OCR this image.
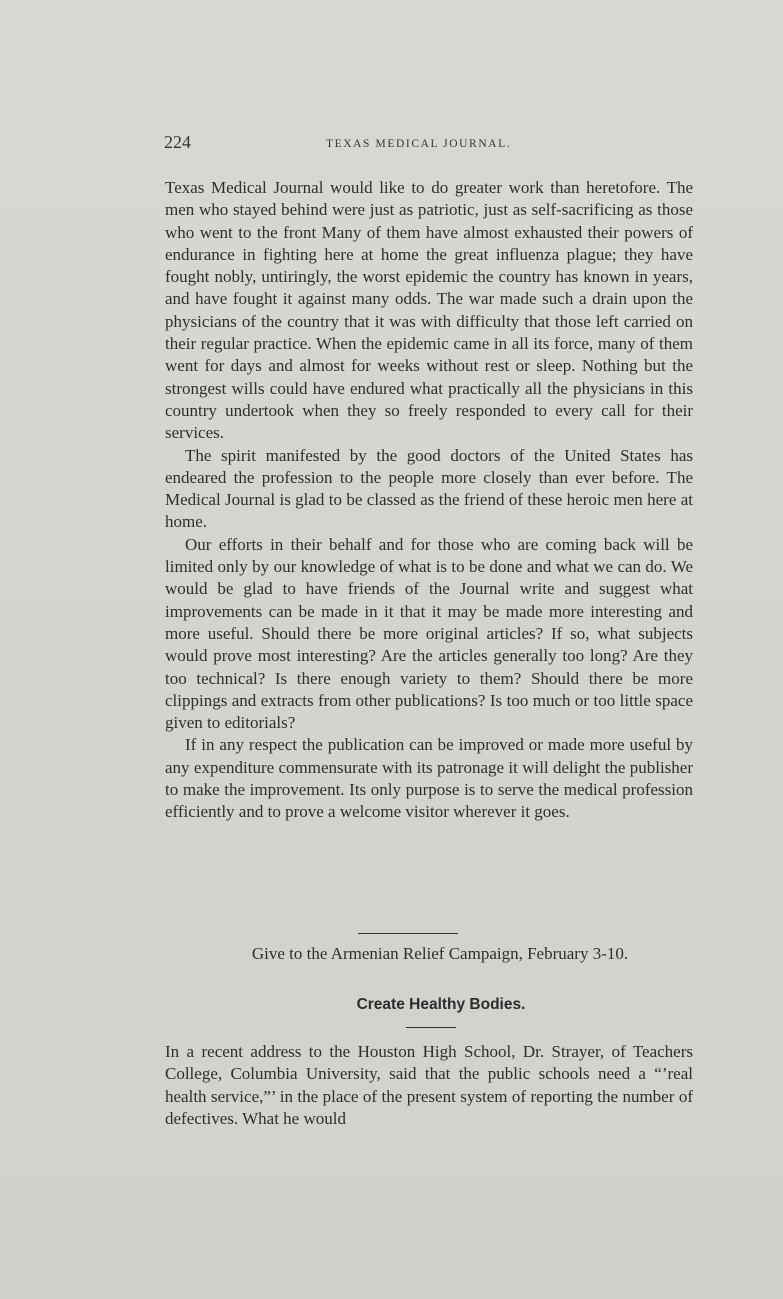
224	TEXAS MEDICAL JOURNAL.

Texas Medical Journal would like to do greater work than heretofore. The men who stayed behind were just as patriotic, just as self-sacrificing as those who went to the front Many of them have almost exhausted their powers of endurance in fighting here at home the great influenza plague; they have fought nobly, untiringly, the worst epidemic the country has known in years, and have fought it against many odds. The war made such a drain upon the physicians of the country that it was with difficulty that those left carried on their regular practice. When the epidemic came in all its force, many of them went for days and almost for weeks without rest or sleep. Nothing but the strongest wills could have endured what practically all the physicians in this country undertook when they so freely responded to every call for their services.

The spirit manifested by the good doctors of the United States has endeared the profession to the people more closely than ever before. The Medical Journal is glad to be classed as the friend of these heroic men here at home.

Our efforts in their behalf and for those who are coming back will be limited only by our knowledge of what is to be done and what we can do. We would be glad to have friends of the Journal write and suggest what improvements can be made in it that it may be made more interesting and more useful. Should there be more original articles? If so, what subjects would prove most interesting? Are the articles generally too long? Are they too technical? Is there enough variety to them? Should there be more clippings and extracts from other publications? Is too much or too little space given to editorials?

If in any respect the publication can be improved or made more useful by any expenditure commensurate with its patronage it will delight the publisher to make the improvement. Its only purpose is to serve the medical profession efficiently and to prove a welcome visitor wherever it goes.

Give to the Armenian Relief Campaign, February 3-10.
Create Healthy Bodies.

In a recent address to the Houston High School, Dr. Strayer, of Teachers College, Columbia University, said that the public schools need a “’real health service,”’ in the place of the present system of reporting the number of defectives. What he would
